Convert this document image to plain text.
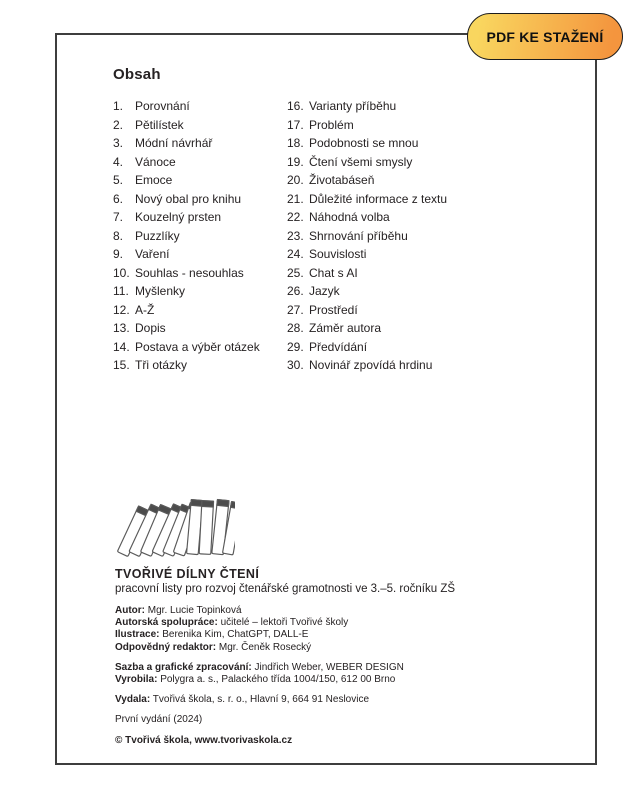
Obsah
1. Porovnání
2. Pětilístek
3. Módní návrhář
4. Vánoce
5. Emoce
6. Nový obal pro knihu
7. Kouzelný prsten
8. Puzzlíky
9. Vaření
10. Souhlas - nesouhlas
11. Myšlenky
12. A-Ž
13. Dopis
14. Postava a výběr otázek
15. Tři otázky
16. Varianty příběhu
17. Problém
18. Podobnosti se mnou
19. Čtení všemi smysly
20. Životabáseň
21. Důležité informace z textu
22. Náhodná volba
23. Shrnování příběhu
24. Souvislosti
25. Chat s AI
26. Jazyk
27. Prostředí
28. Záměr autora
29. Předvídání
30. Novinář zpovídá hrdinu
TVOŘIVÉ DÍLNY ČTENÍ
pracovní listy pro rozvoj čtenářské gramotnosti ve 3.–5. ročníku ZŠ
Autor: Mgr. Lucie Topinková
Autorská spolupráce: učitelé – lektoři Tvořivé školy
Ilustrace: Berenika Kim, ChatGPT, DALL-E
Odpovědný redaktor: Mgr. Čeněk Rosecký
Sazba a grafické zpracování: Jindřich Weber, WEBER DESIGN
Vyrobila: Polygra a. s., Palackého třída 1004/150, 612 00 Brno
Vydala: Tvořivá škola, s. r. o., Hlavní 9, 664 91 Neslovice
První vydání (2024)
© Tvořivá škola, www.tvorivaskola.cz
PDF KE STAŽENÍ
